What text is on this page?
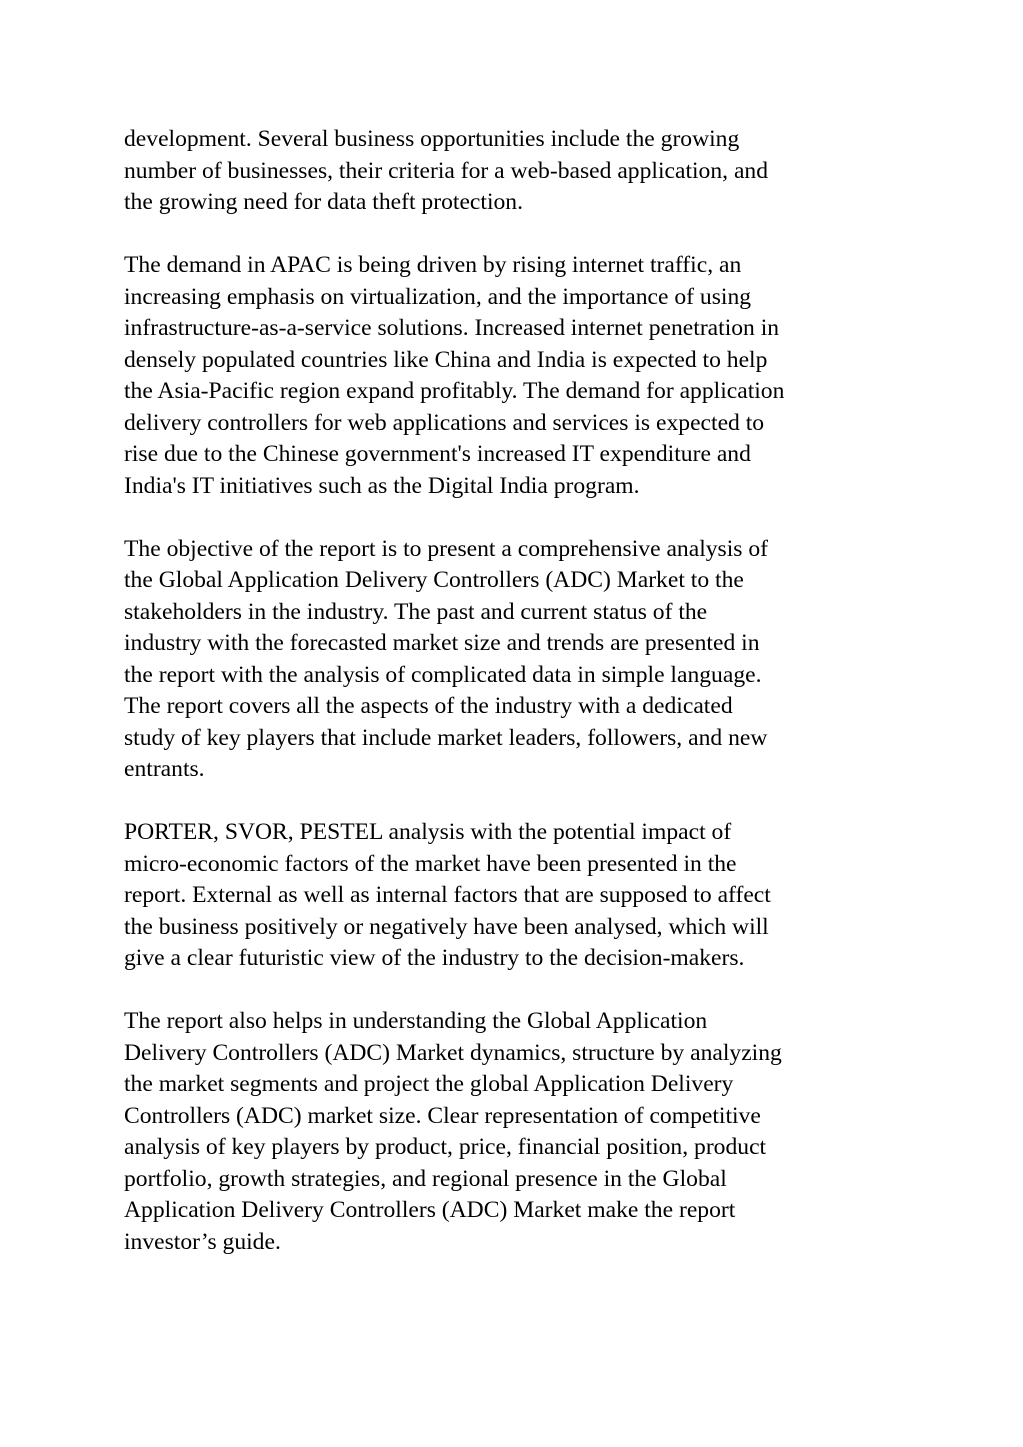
development. Several business opportunities include the growing
number of businesses, their criteria for a web-based application, and
the growing need for data theft protection.

The demand in APAC is being driven by rising internet traffic, an
increasing emphasis on virtualization, and the importance of using
infrastructure-as-a-service solutions. Increased internet penetration in
densely populated countries like China and India is expected to help
the Asia-Pacific region expand profitably. The demand for application
delivery controllers for web applications and services is expected to
rise due to the Chinese government's increased IT expenditure and
India's IT initiatives such as the Digital India program.

The objective of the report is to present a comprehensive analysis of
the Global Application Delivery Controllers (ADC) Market to the
stakeholders in the industry. The past and current status of the
industry with the forecasted market size and trends are presented in
the report with the analysis of complicated data in simple language.
The report covers all the aspects of the industry with a dedicated
study of key players that include market leaders, followers, and new
entrants.

PORTER, SVOR, PESTEL analysis with the potential impact of
micro-economic factors of the market have been presented in the
report. External as well as internal factors that are supposed to affect
the business positively or negatively have been analysed, which will
give a clear futuristic view of the industry to the decision-makers.

The report also helps in understanding the Global Application
Delivery Controllers (ADC) Market dynamics, structure by analyzing
the market segments and project the global Application Delivery
Controllers (ADC) market size. Clear representation of competitive
analysis of key players by product, price, financial position, product
portfolio, growth strategies, and regional presence in the Global
Application Delivery Controllers (ADC) Market make the report
investor’s guide.
